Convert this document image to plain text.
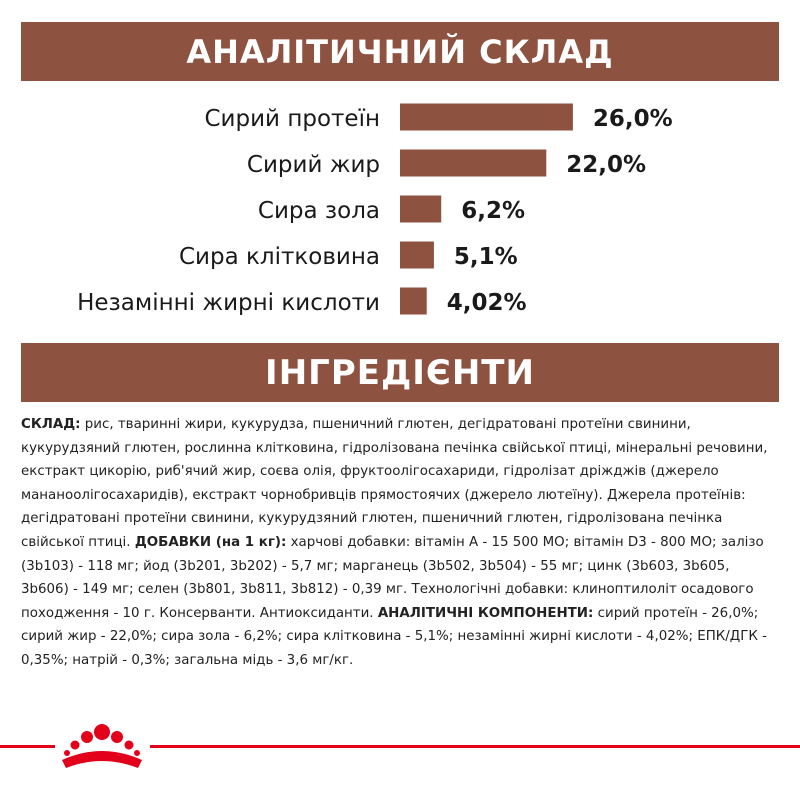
АНАЛІТИЧНИЙ СКЛАД
Сирий протеїн	26,0%
Сирий жир	22,0%
Сира зола	6,2%
Сира клітковина	5,1%
Незамінні жирні кислоти	4,02%
ІНГРЕДІЄНТИ

СКЛАД: рис, тваринні жири, кукурудза, пшеничний глютен, дегідратовані протеїни свинини, кукурудзяний глютен, рослинна клітковина, гідролізована печінка свійської птиці, мінеральні речовини, екстракт цикорію, риб'ячий жир, соєва олія, фруктоолігосахариди, гідролізат дріжджів (джерело мананоолігосахаридів), екстракт чорнобривців прямостоячих (джерело лютеїну). Джерела протеїнів: дегідратовані протеїни свинини, кукурудзяний глютен, пшеничний глютен, гідролізована печінка свійської птиці. ДОБАВКИ (на 1 кг): харчові добавки: вітамін A - 15 500 МО; вітамін D3 - 800 МО; залізо (3b103) - 118 мг; йод (3b201, 3b202) - 5,7 мг; марганець (3b502, 3b504) - 55 мг; цинк (3b603, 3b605, 3b606) - 149 мг; селен (3b801, 3b811, 3b812) - 0,39 мг. Технологічні добавки: клиноптилоліт осадового походження - 10 г. Консерванти. Антиоксиданти. АНАЛІТИЧНІ КОМПОНЕНТИ: сирий протеїн - 26,0%; сирий жир - 22,0%; сира зола - 6,2%; сира клітковина - 5,1%; незамінні жирні кислоти - 4,02%; ЕПК/ДГК - 0,35%; натрій - 0,3%; загальна мідь - 3,6 мг/кг.
